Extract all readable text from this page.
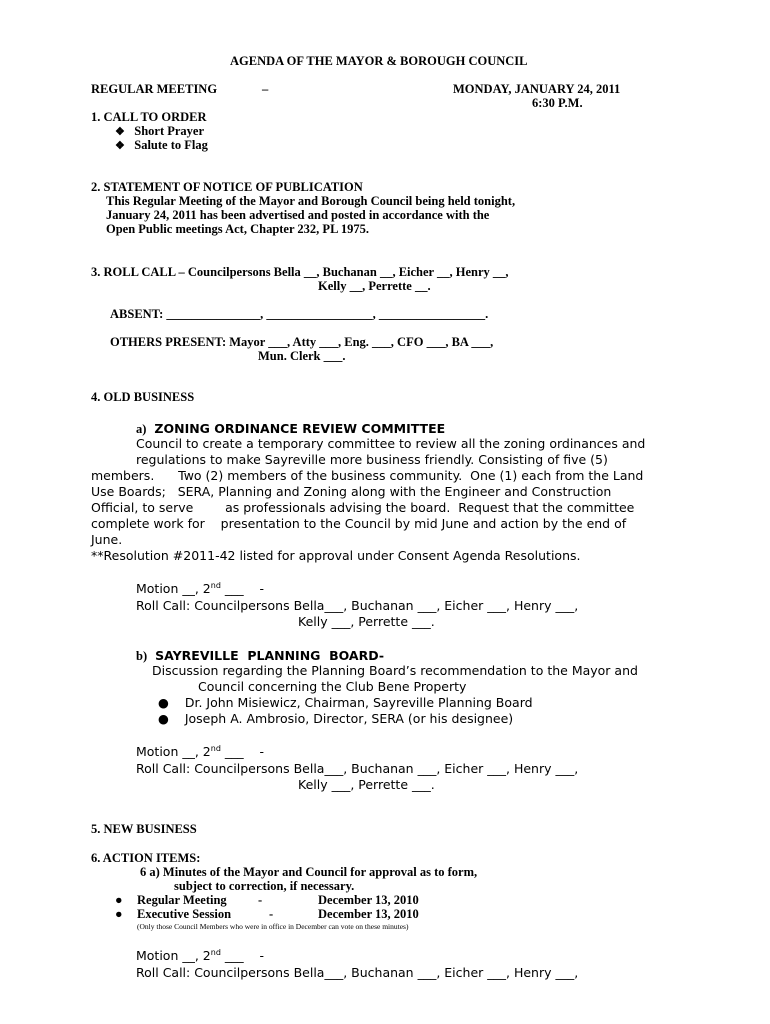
AGENDA OF THE MAYOR & BOROUGH COUNCIL
REGULAR MEETING	–	MONDAY, JANUARY 24, 2011
6:30 P.M.
1. CALL TO ORDER
❖ Short Prayer
❖ Salute to Flag
2. STATEMENT OF NOTICE OF PUBLICATION
This Regular Meeting of the Mayor and Borough Council being held tonight,
January 24, 2011 has been advertised and posted in accordance with the
Open Public meetings Act, Chapter 232, PL 1975.
3. ROLL CALL – Councilpersons Bella __, Buchanan __, Eicher __, Henry __,
Kelly __, Perrette __.
ABSENT: _______________, _________________, _________________.
OTHERS PRESENT: Mayor ___, Atty ___, Eng. ___, CFO ___, BA ___,
Mun. Clerk ___.
4. OLD BUSINESS
a) ZONING ORDINANCE REVIEW COMMITTEE
Council to create a temporary committee to review all the zoning ordinances and
regulations to make Sayreville more business friendly. Consisting of five (5)
members.      Two (2) members of the business community.  One (1) each from the Land
Use Boards;   SERA, Planning and Zoning along with the Engineer and Construction
Official, to serve        as professionals advising the board.  Request that the committee
complete work for    presentation to the Council by mid June and action by the end of
June.
**Resolution #2011-42 listed for approval under Consent Agenda Resolutions.
Motion __, 2nd ___    -
Roll Call: Councilpersons Bella___, Buchanan ___, Eicher ___, Henry ___,
Kelly ___, Perrette ___.
b) SAYREVILLE  PLANNING  BOARD-
Discussion regarding the Planning Board’s recommendation to the Mayor and
Council concerning the Club Bene Property
● Dr. John Misiewicz, Chairman, Sayreville Planning Board
● Joseph A. Ambrosio, Director, SERA (or his designee)
Motion __, 2nd ___    -
Roll Call: Councilpersons Bella___, Buchanan ___, Eicher ___, Henry ___,
Kelly ___, Perrette ___.
5. NEW BUSINESS
6. ACTION ITEMS:
6 a) Minutes of the Mayor and Council for approval as to form,
subject to correction, if necessary.
● Regular Meeting	-	December 13, 2010
● Executive Session	-	December 13, 2010
(Only those Council Members who were in office in December can vote on these minutes)
Motion __, 2nd ___    -
Roll Call: Councilpersons Bella___, Buchanan ___, Eicher ___, Henry ___,
